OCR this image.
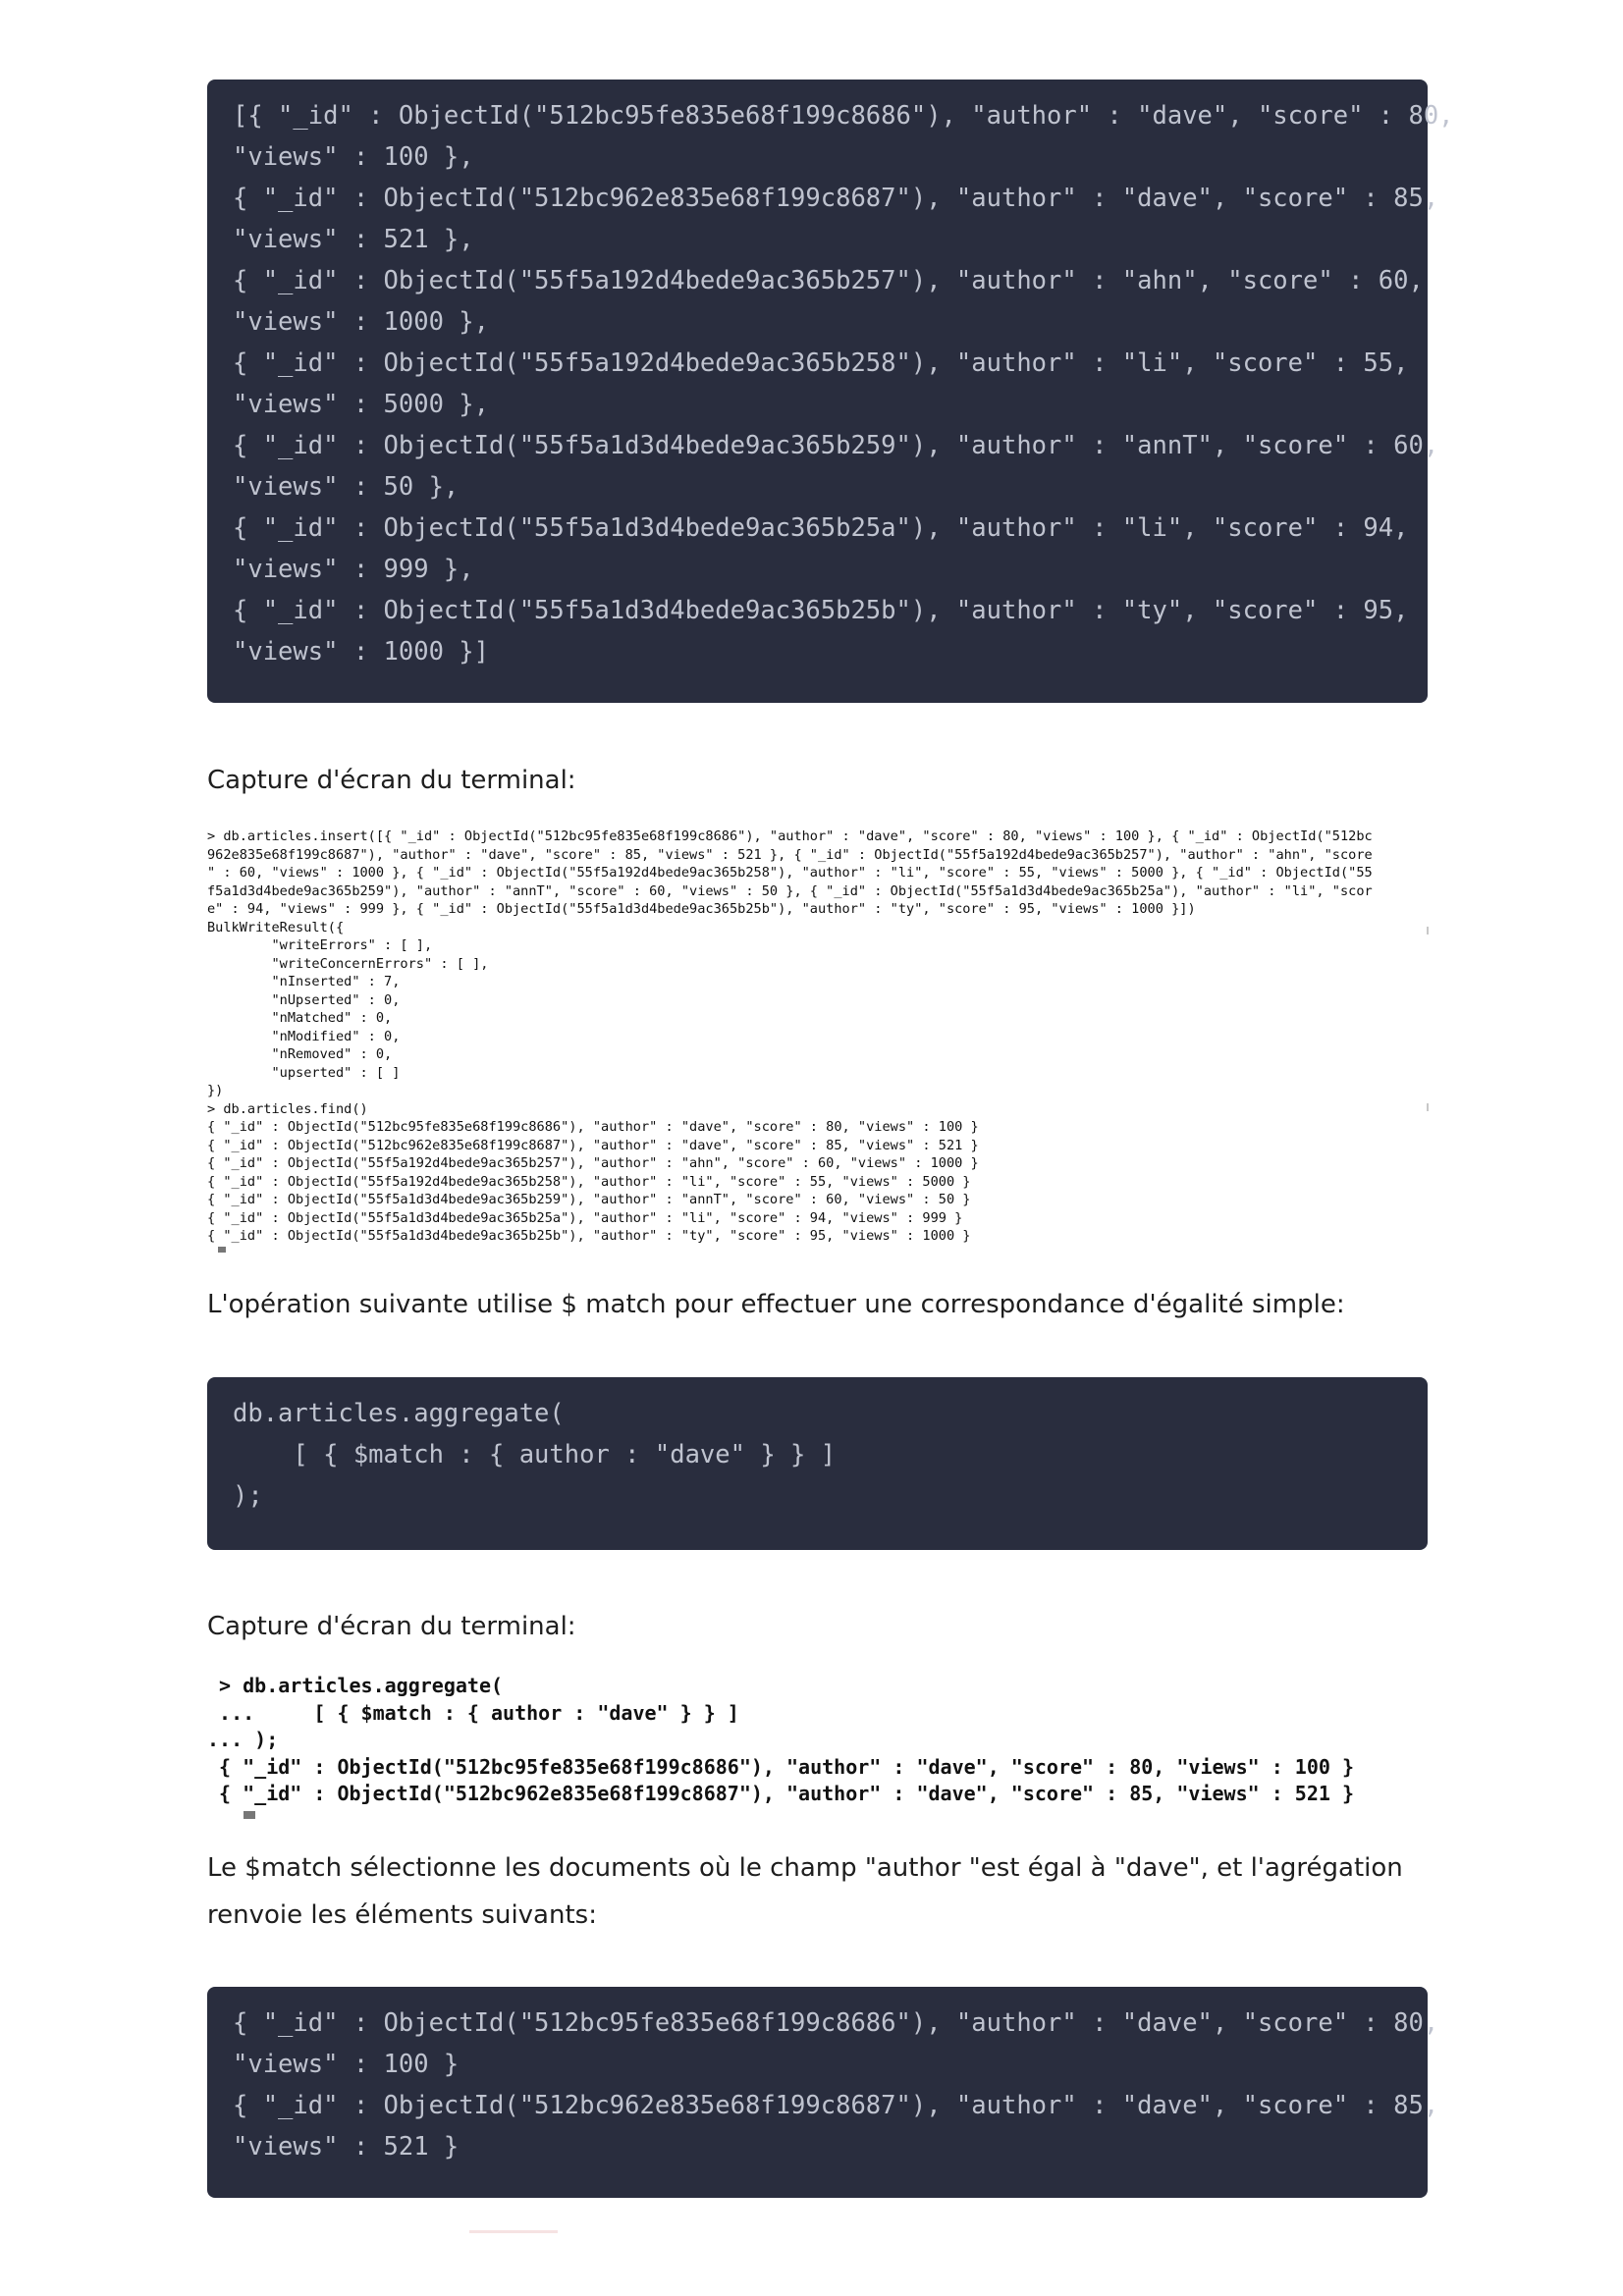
[{ "_id" : ObjectId("512bc95fe835e68f199c8686"), "author" : "dave", "score" : 80,
"views" : 100 },
{ "_id" : ObjectId("512bc962e835e68f199c8687"), "author" : "dave", "score" : 85,
"views" : 521 },
{ "_id" : ObjectId("55f5a192d4bede9ac365b257"), "author" : "ahn", "score" : 60,
"views" : 1000 },
{ "_id" : ObjectId("55f5a192d4bede9ac365b258"), "author" : "li", "score" : 55,
"views" : 5000 },
{ "_id" : ObjectId("55f5a1d3d4bede9ac365b259"), "author" : "annT", "score" : 60,
"views" : 50 },
{ "_id" : ObjectId("55f5a1d3d4bede9ac365b25a"), "author" : "li", "score" : 94,
"views" : 999 },
{ "_id" : ObjectId("55f5a1d3d4bede9ac365b25b"), "author" : "ty", "score" : 95,
"views" : 1000 }]

Capture d'écran du terminal:

> db.articles.insert([{ "_id" : ObjectId("512bc95fe835e68f199c8686"), "author" : "dave", "score" : 80, "views" : 100 }, { "_id" : ObjectId("512bc
962e835e68f199c8687"), "author" : "dave", "score" : 85, "views" : 521 }, { "_id" : ObjectId("55f5a192d4bede9ac365b257"), "author" : "ahn", "score
" : 60, "views" : 1000 }, { "_id" : ObjectId("55f5a192d4bede9ac365b258"), "author" : "li", "score" : 55, "views" : 5000 }, { "_id" : ObjectId("55
f5a1d3d4bede9ac365b259"), "author" : "annT", "score" : 60, "views" : 50 }, { "_id" : ObjectId("55f5a1d3d4bede9ac365b25a"), "author" : "li", "scor
e" : 94, "views" : 999 }, { "_id" : ObjectId("55f5a1d3d4bede9ac365b25b"), "author" : "ty", "score" : 95, "views" : 1000 }])
BulkWriteResult({
"writeErrors" : [ ],
"writeConcernErrors" : [ ],
"nInserted" : 7,
"nUpserted" : 0,
"nMatched" : 0,
"nModified" : 0,
"nRemoved" : 0,
"upserted" : [ ]
})
> db.articles.find()
{ "_id" : ObjectId("512bc95fe835e68f199c8686"), "author" : "dave", "score" : 80, "views" : 100 }
{ "_id" : ObjectId("512bc962e835e68f199c8687"), "author" : "dave", "score" : 85, "views" : 521 }
{ "_id" : ObjectId("55f5a192d4bede9ac365b257"), "author" : "ahn", "score" : 60, "views" : 1000 }
{ "_id" : ObjectId("55f5a192d4bede9ac365b258"), "author" : "li", "score" : 55, "views" : 5000 }
{ "_id" : ObjectId("55f5a1d3d4bede9ac365b259"), "author" : "annT", "score" : 60, "views" : 50 }
{ "_id" : ObjectId("55f5a1d3d4bede9ac365b25a"), "author" : "li", "score" : 94, "views" : 999 }
{ "_id" : ObjectId("55f5a1d3d4bede9ac365b25b"), "author" : "ty", "score" : 95, "views" : 1000 }

L'opération suivante utilise $ match pour effectuer une correspondance d'égalité simple:

db.articles.aggregate(
[ { $match : { author : "dave" } } ]
);

Capture d'écran du terminal:

> db.articles.aggregate(
...     [ { $match : { author : "dave" } } ]
... );
{ "_id" : ObjectId("512bc95fe835e68f199c8686"), "author" : "dave", "score" : 80, "views" : 100 }
{ "_id" : ObjectId("512bc962e835e68f199c8687"), "author" : "dave", "score" : 85, "views" : 521 }

Le $match sélectionne les documents où le champ "author "est égal à "dave", et l'agrégation renvoie les éléments suivants:

{ "_id" : ObjectId("512bc95fe835e68f199c8686"), "author" : "dave", "score" : 80,
"views" : 100 }
{ "_id" : ObjectId("512bc962e835e68f199c8687"), "author" : "dave", "score" : 85,
"views" : 521 }
